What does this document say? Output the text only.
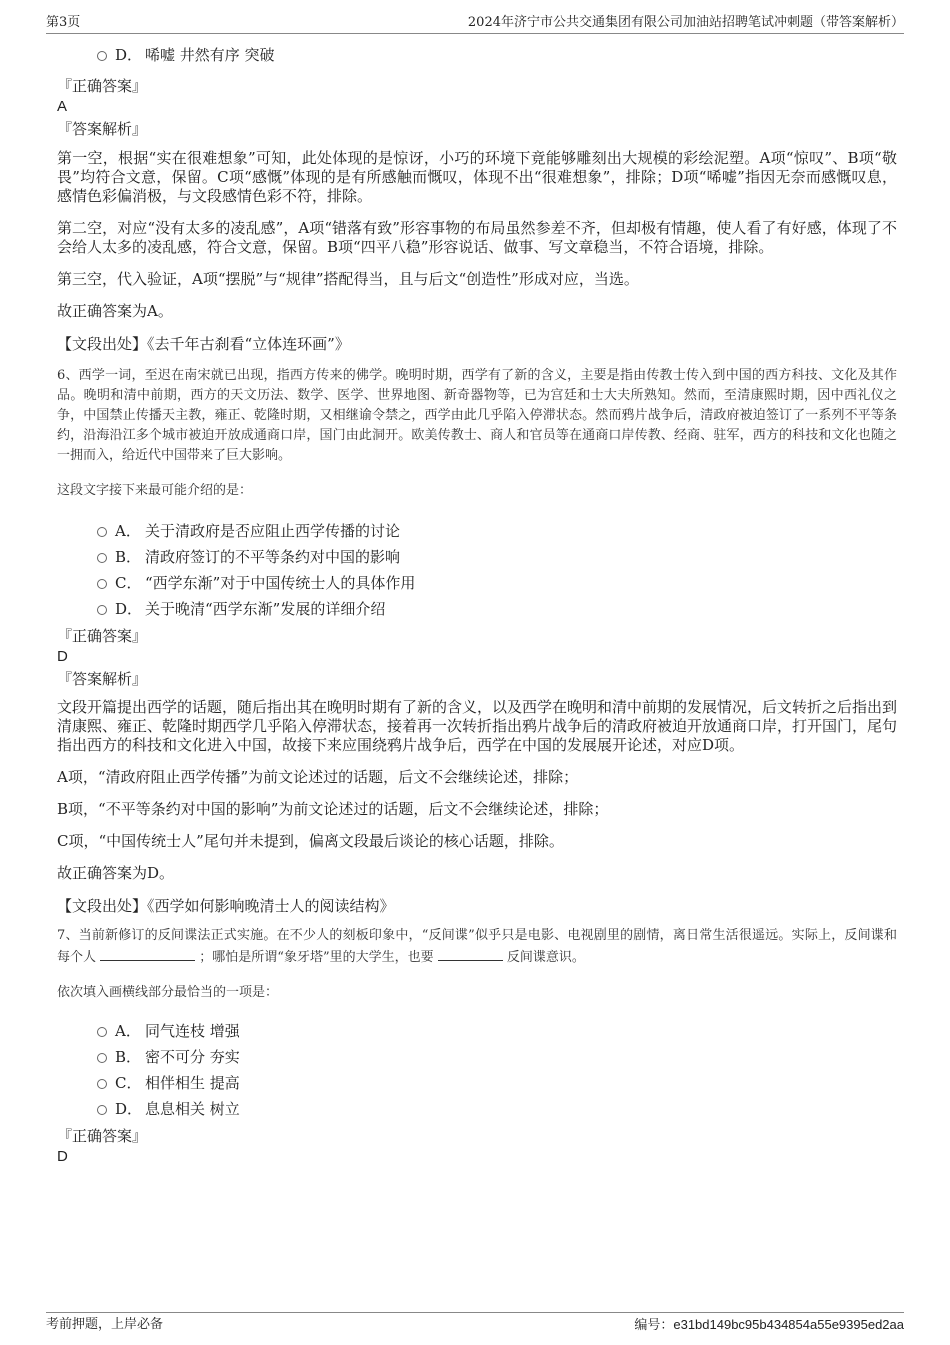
第3页	2024年济宁市公共交通集团有限公司加油站招聘笔试冲刺题（带答案解析）
D． 唏嘘 井然有序 突破
『正确答案』
A
『答案解析』

第一空，根据“实在很难想象”可知，此处体现的是惊讶，小巧的环境下竟能够雕刻出大规模的彩绘泥塑。A项“惊叹”、B项“敬畏”均符合文意，保留。C项“感慨”体现的是有所感触而慨叹，体现不出“很难想象”，排除；D项“唏嘘”指因无奈而感慨叹息，感情色彩偏消极，与文段感情色彩不符，排除。

第二空，对应“没有太多的凌乱感”，A项“错落有致”形容事物的布局虽然参差不齐，但却极有情趣，使人看了有好感，体现了不会给人太多的凌乱感，符合文意，保留。B项“四平八稳”形容说话、做事、写文章稳当，不符合语境，排除。

第三空，代入验证，A项“摆脱”与“规律”搭配得当，且与后文“创造性”形成对应，当选。

故正确答案为A。

【文段出处】《去千年古刹看“立体连环画”》

6、西学一词，至迟在南宋就已出现，指西方传来的佛学。晚明时期，西学有了新的含义，主要是指由传教士传入到中国的西方科技、文化及其作品。晚明和清中前期，西方的天文历法、数学、医学、世界地图、新奇器物等，已为宫廷和士大夫所熟知。然而，至清康熙时期，因中西礼仪之争，中国禁止传播天主教，雍正、乾隆时期，又相继谕令禁之，西学由此几乎陷入停滞状态。然而鸦片战争后，清政府被迫签订了一系列不平等条约，沿海沿江多个城市被迫开放成通商口岸，国门由此洞开。欧美传教士、商人和官员等在通商口岸传教、经商、驻军，西方的科技和文化也随之一拥而入，给近代中国带来了巨大影响。

这段文字接下来最可能介绍的是：
A． 关于清政府是否应阻止西学传播的讨论
B． 清政府签订的不平等条约对中国的影响
C． “西学东渐”对于中国传统士人的具体作用
D． 关于晚清“西学东渐”发展的详细介绍
『正确答案』
D
『答案解析』

文段开篇提出西学的话题，随后指出其在晚明时期有了新的含义，以及西学在晚明和清中前期的发展情况，后文转折之后指出到清康熙、雍正、乾隆时期西学几乎陷入停滞状态，接着再一次转折指出鸦片战争后的清政府被迫开放通商口岸，打开国门，尾句指出西方的科技和文化进入中国，故接下来应围绕鸦片战争后，西学在中国的发展展开论述，对应D项。

A项，“清政府阻止西学传播”为前文论述过的话题，后文不会继续论述，排除；

B项，“不平等条约对中国的影响”为前文论述过的话题，后文不会继续论述，排除；

C项，“中国传统士人”尾句并未提到，偏离文段最后谈论的核心话题，排除。

故正确答案为D。

【文段出处】《西学如何影响晚清士人的阅读结构》

7、当前新修订的反间谍法正式实施。在不少人的刻板印象中，“反间谍”似乎只是电影、电视剧里的剧情，离日常生活很遥远。实际上，反间谍和每个人	；哪怕是所谓“象牙塔”里的大学生，也要	反间谍意识。

依次填入画横线部分最恰当的一项是：
A． 同气连枝 增强
B． 密不可分 夯实
C． 相伴相生 提高
D． 息息相关 树立
『正确答案』
D
考前押题，上岸必备	编号：e31bd149bc95b434854a55e9395ed2aa
